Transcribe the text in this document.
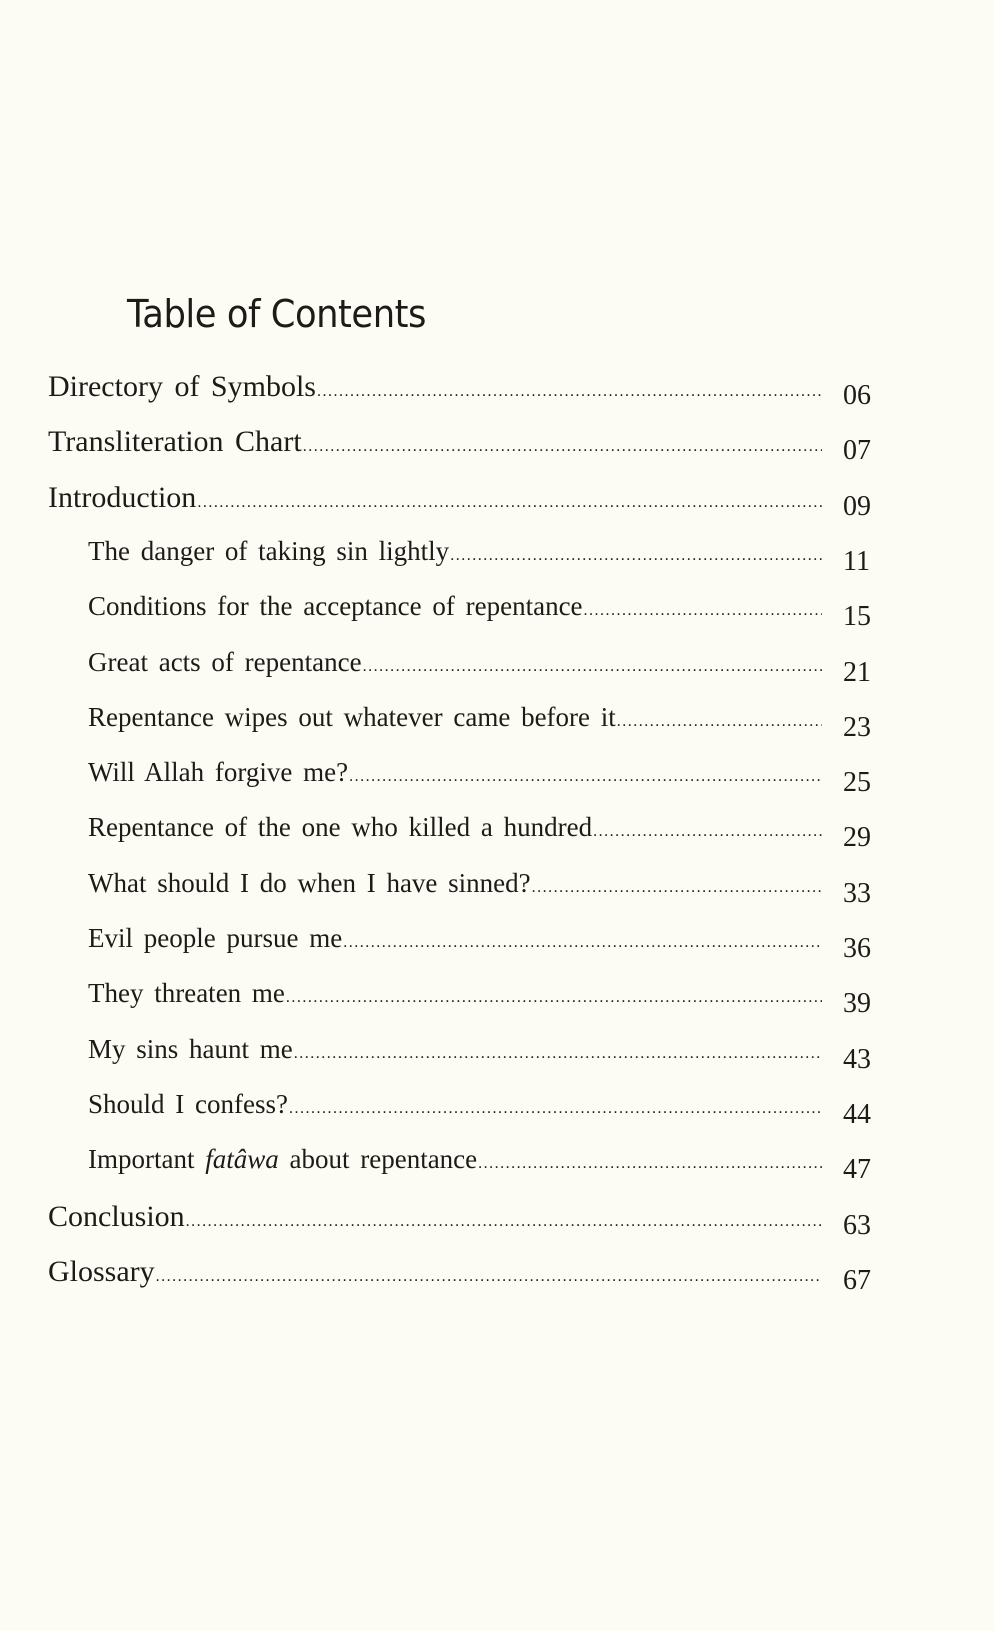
Table of Contents
Directory of Symbols .....	06
Transliteration Chart .....	07
Introduction .....	09
The danger of taking sin lightly .....	11
Conditions for the acceptance of repentance .....	15
Great acts of repentance .....	21
Repentance wipes out whatever came before it .....	23
Will Allah forgive me? .....	25
Repentance of the one who killed a hundred .....	29
What should I do when I have sinned? .....	33
Evil people pursue me .....	36
They threaten me .....	39
My sins haunt me .....	43
Should I confess? .....	44
Important fatâwa about repentance .....	47
Conclusion .....	63
Glossary .....	67
